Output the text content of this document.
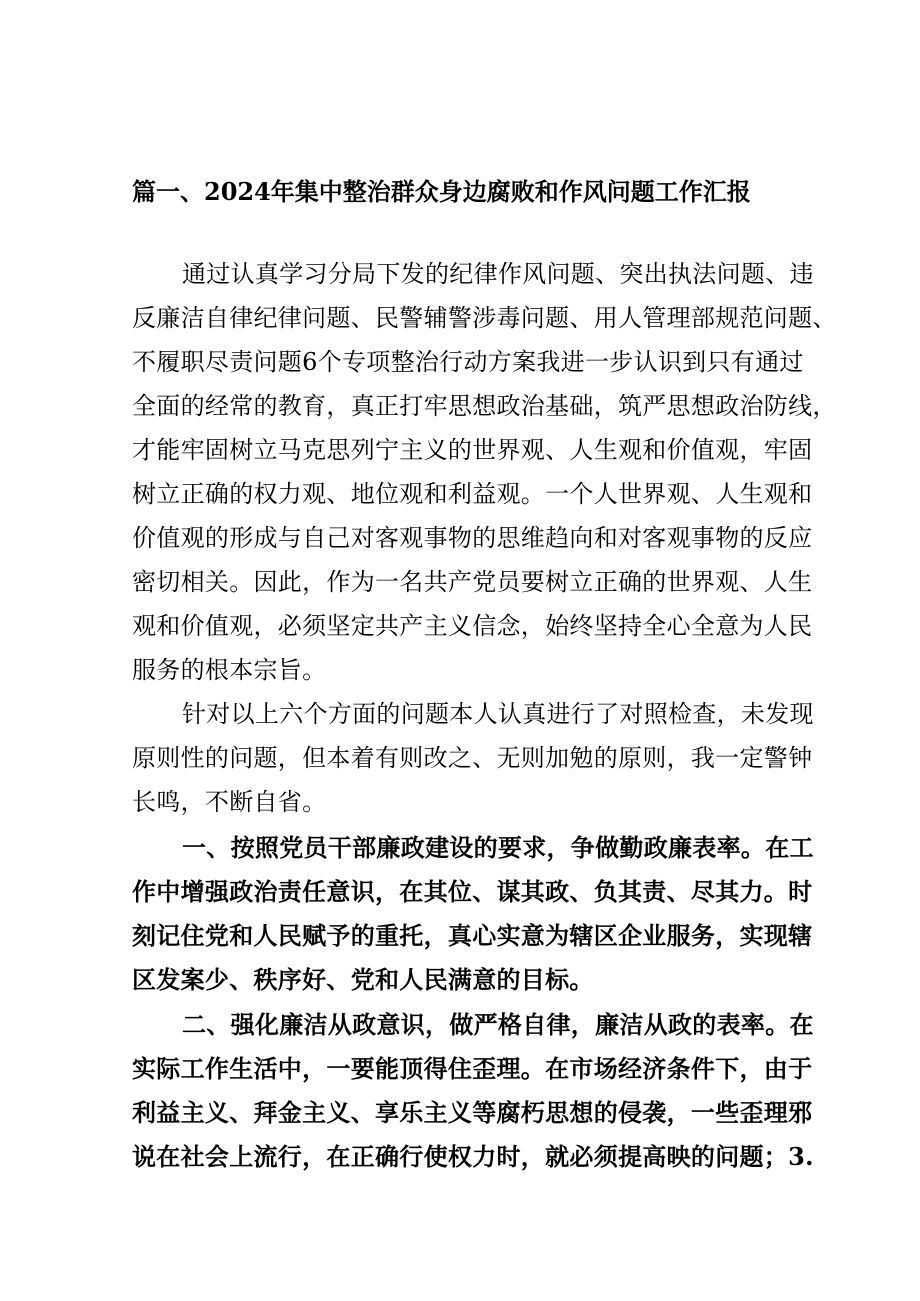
篇一、2024年集中整治群众身边腐败和作风问题工作汇报
通过认真学习分局下发的纪律作风问题、突出执法问题、违
反廉洁自律纪律问题、民警辅警涉毒问题、用人管理部规范问题、
不履职尽责问题6个专项整治行动方案我进一步认识到只有通过
全面的经常的教育，真正打牢思想政治基础，筑严思想政治防线，
才能牢固树立马克思列宁主义的世界观、人生观和价值观，牢固
树立正确的权力观、地位观和利益观。一个人世界观、人生观和
价值观的形成与自己对客观事物的思维趋向和对客观事物的反应
密切相关。因此，作为一名共产党员要树立正确的世界观、人生
观和价值观，必须坚定共产主义信念，始终坚持全心全意为人民
服务的根本宗旨。
针对以上六个方面的问题本人认真进行了对照检查，未发现
原则性的问题，但本着有则改之、无则加勉的原则，我一定警钟
长鸣，不断自省。
一、按照党员干部廉政建设的要求，争做勤政廉表率。在工
作中增强政治责任意识，在其位、谋其政、负其责、尽其力。时
刻记住党和人民赋予的重托，真心实意为辖区企业服务，实现辖
区发案少、秩序好、党和人民满意的目标。
二、强化廉洁从政意识，做严格自律，廉洁从政的表率。在
实际工作生活中，一要能顶得住歪理。在市场经济条件下，由于
利益主义、拜金主义、享乐主义等腐朽思想的侵袭，一些歪理邪
说在社会上流行，在正确行使权力时，就必须提高映的问题；3.
